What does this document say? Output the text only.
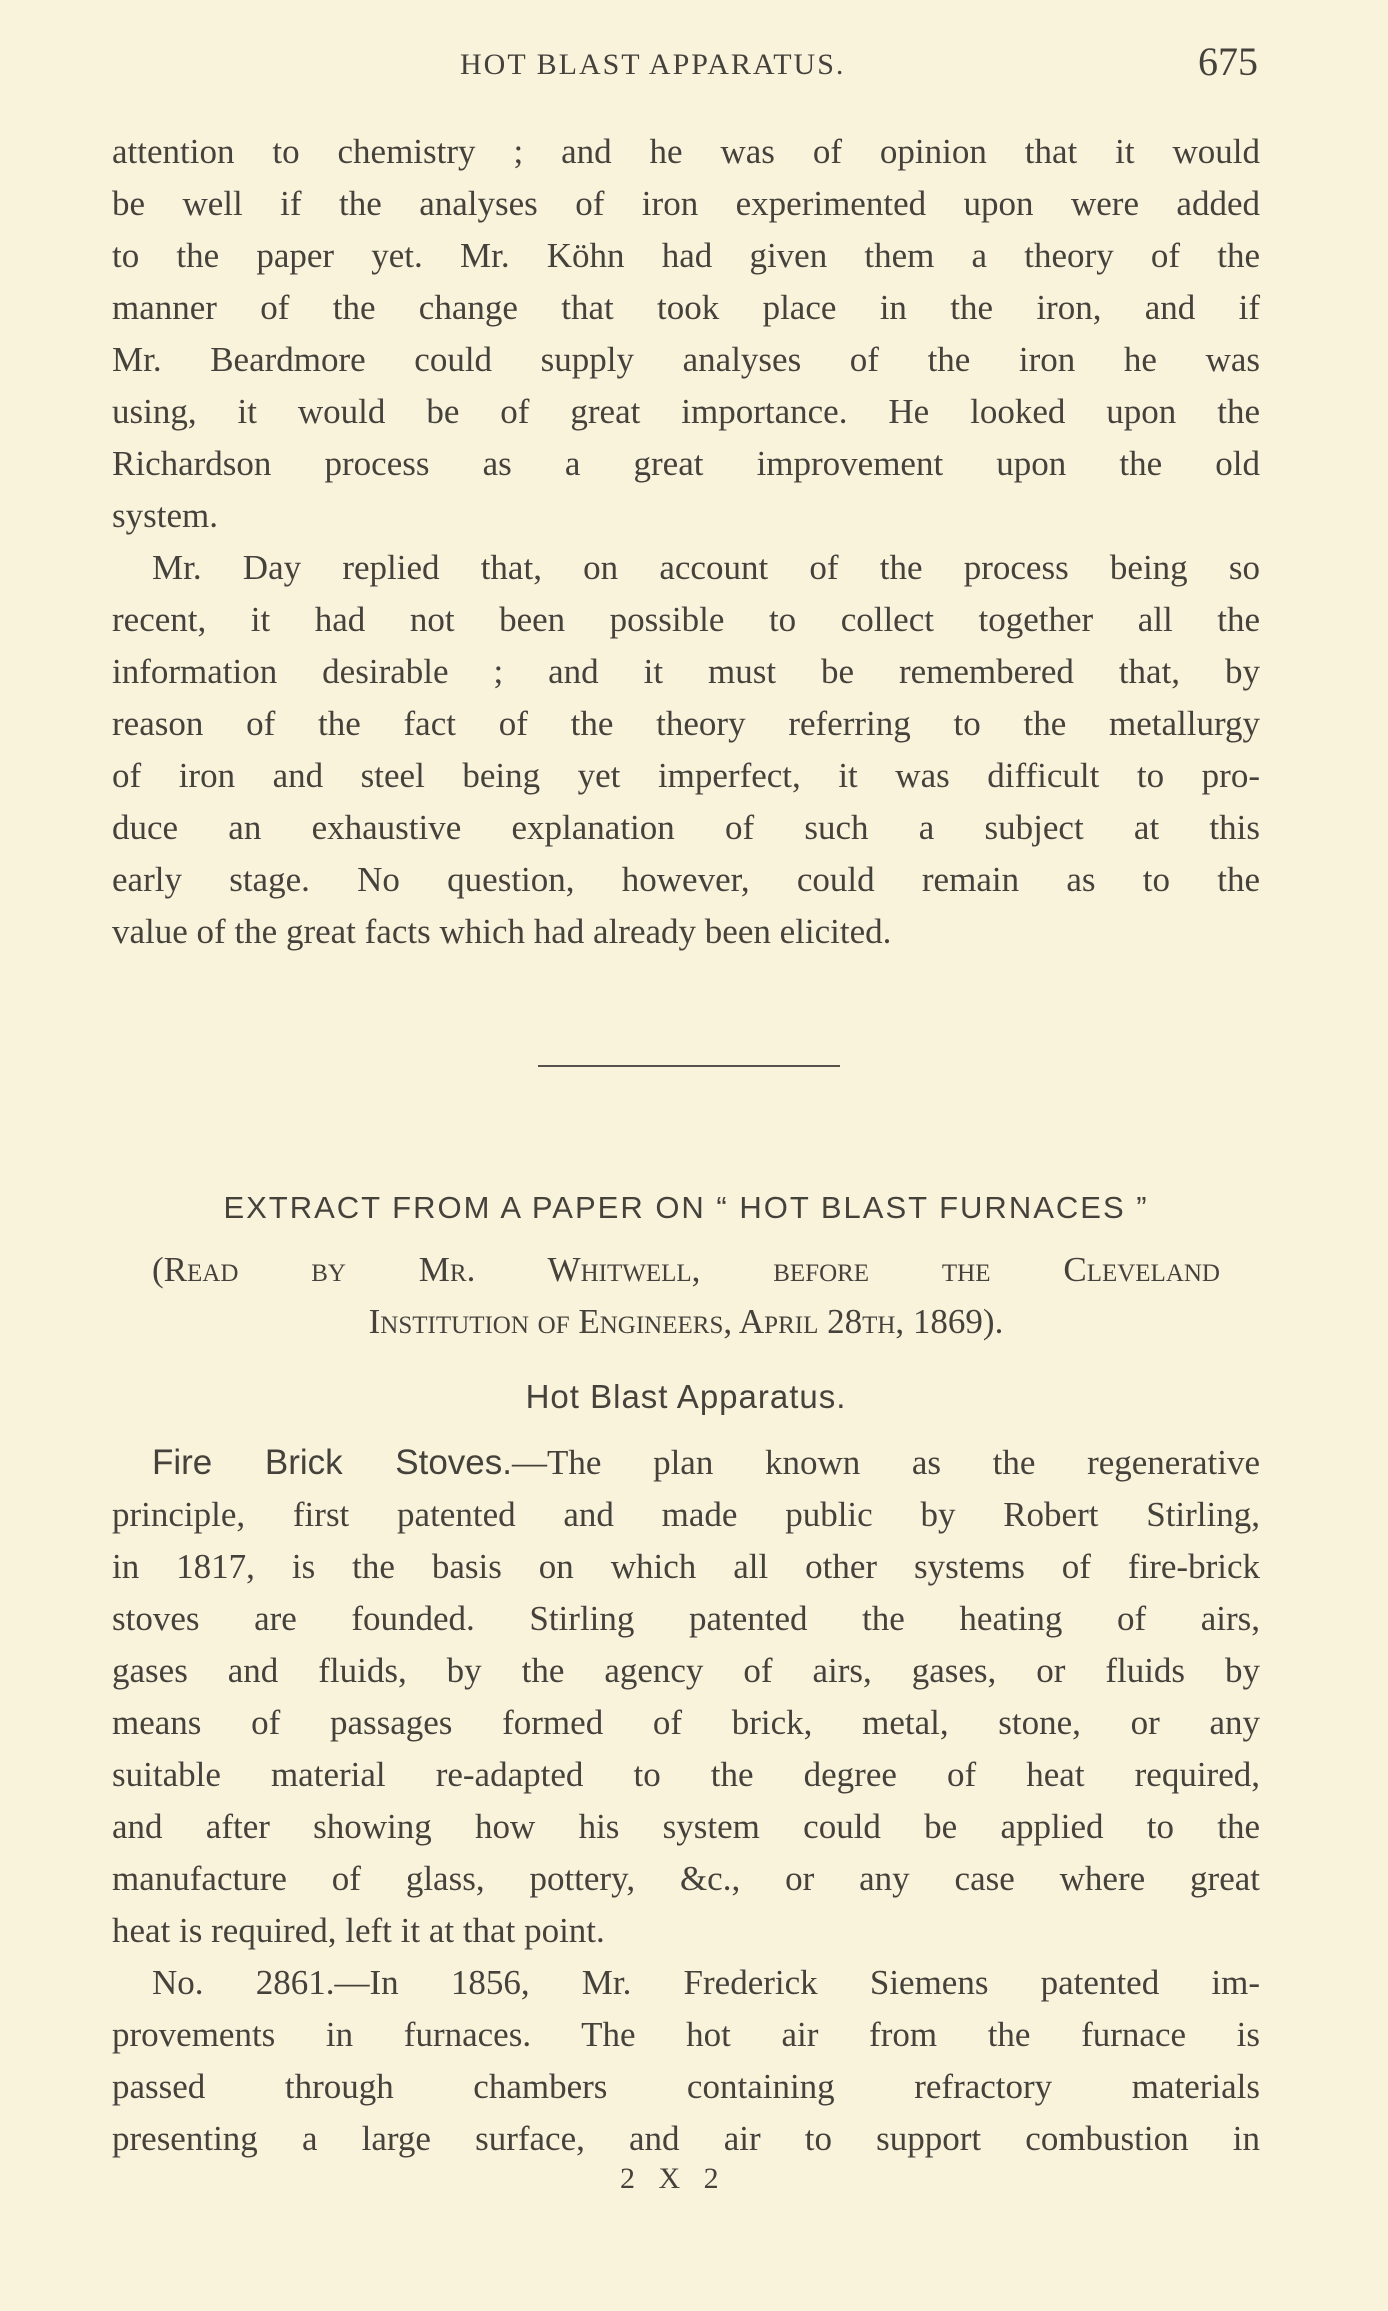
HOT BLAST APPARATUS.	675
attention to chemistry ; and he was of opinion that it would
be well if the analyses of iron experimented upon were added
to the paper yet. Mr. Köhn had given them a theory of the
manner of the change that took place in the iron, and if
Mr. Beardmore could supply analyses of the iron he was
using, it would be of great importance. He looked upon the
Richardson process as a great improvement upon the old
system.
Mr. Day replied that, on account of the process being so
recent, it had not been possible to collect together all the
information desirable ; and it must be remembered that, by
reason of the fact of the theory referring to the metallurgy
of iron and steel being yet imperfect, it was difficult to pro-
duce an exhaustive explanation of such a subject at this
early stage. No question, however, could remain as to the
value of the great facts which had already been elicited.
EXTRACT FROM A PAPER ON “ HOT BLAST FURNACES ”
(Read by Mr. Whitwell, before the Cleveland
Institution of Engineers, April 28th, 1869).
Hot Blast Apparatus.
Fire Brick Stoves.—The plan known as the regenerative
principle, first patented and made public by Robert Stirling,
in 1817, is the basis on which all other systems of fire-brick
stoves are founded. Stirling patented the heating of airs,
gases and fluids, by the agency of airs, gases, or fluids by
means of passages formed of brick, metal, stone, or any
suitable material re-adapted to the degree of heat required,
and after showing how his system could be applied to the
manufacture of glass, pottery, &c., or any case where great
heat is required, left it at that point.
No. 2861.—In 1856, Mr. Frederick Siemens patented im-
provements in furnaces. The hot air from the furnace is
passed through chambers containing refractory materials
presenting a large surface, and air to support combustion in
2 X 2
